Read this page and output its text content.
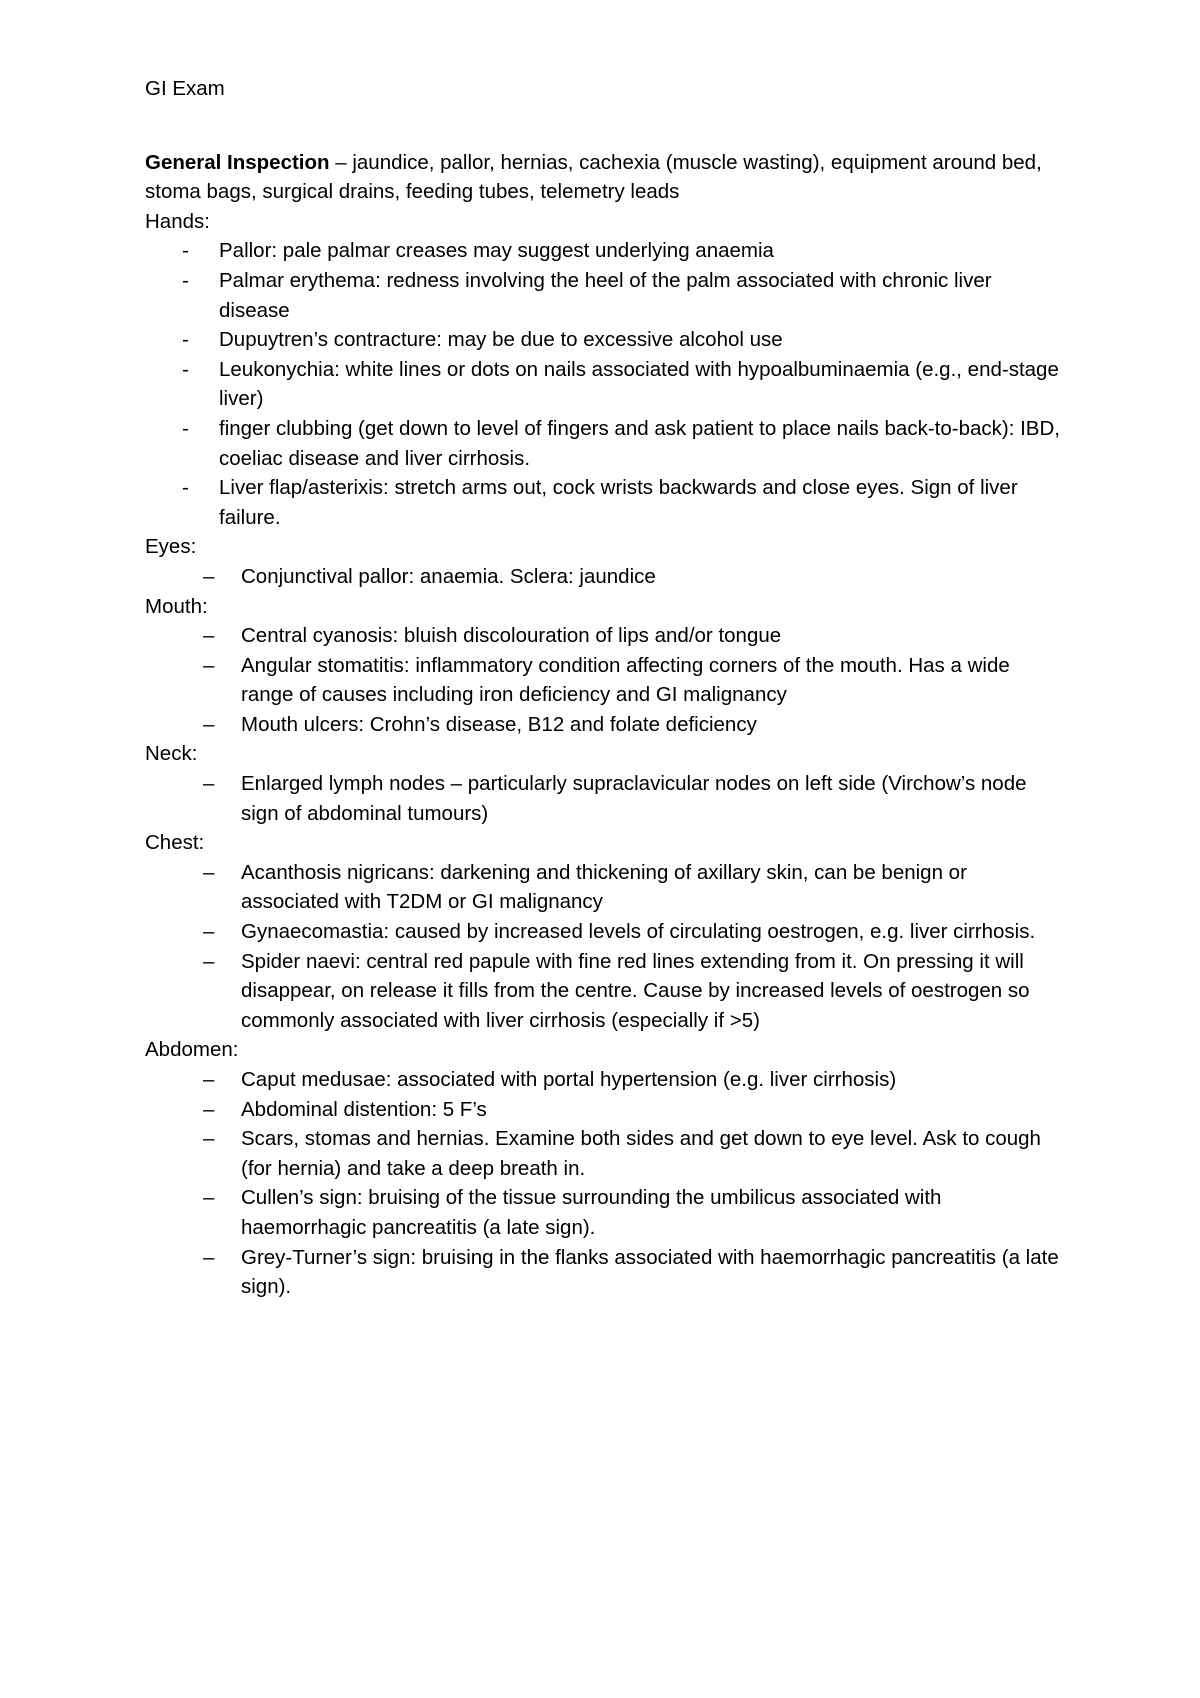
GI Exam

General Inspection – jaundice, pallor, hernias, cachexia (muscle wasting), equipment around bed, stoma bags, surgical drains, feeding tubes, telemetry leads

Hands:

- Pallor: pale palmar creases may suggest underlying anaemia
- Palmar erythema: redness involving the heel of the palm associated with chronic liver disease
- Dupuytren’s contracture: may be due to excessive alcohol use
- Leukonychia: white lines or dots on nails associated with hypoalbuminaemia (e.g., end-stage liver)
- finger clubbing (get down to level of fingers and ask patient to place nails back-to-back): IBD, coeliac disease and liver cirrhosis.
- Liver flap/asterixis: stretch arms out, cock wrists backwards and close eyes. Sign of liver failure.

Eyes:

– Conjunctival pallor: anaemia. Sclera: jaundice

Mouth:

– Central cyanosis: bluish discolouration of lips and/or tongue
– Angular stomatitis: inflammatory condition affecting corners of the mouth. Has a wide range of causes including iron deficiency and GI malignancy
– Mouth ulcers: Crohn’s disease, B12 and folate deficiency

Neck:

– Enlarged lymph nodes – particularly supraclavicular nodes on left side (Virchow’s node sign of abdominal tumours)

Chest:

– Acanthosis nigricans: darkening and thickening of axillary skin, can be benign or associated with T2DM or GI malignancy
– Gynaecomastia: caused by increased levels of circulating oestrogen, e.g. liver cirrhosis.
– Spider naevi: central red papule with fine red lines extending from it. On pressing it will disappear, on release it fills from the centre. Cause by increased levels of oestrogen so commonly associated with liver cirrhosis (especially if >5)

Abdomen:

– Caput medusae: associated with portal hypertension (e.g. liver cirrhosis)
– Abdominal distention: 5 F’s
– Scars, stomas and hernias. Examine both sides and get down to eye level. Ask to cough (for hernia) and take a deep breath in.
– Cullen’s sign: bruising of the tissue surrounding the umbilicus associated with haemorrhagic pancreatitis (a late sign).
– Grey-Turner’s sign: bruising in the flanks associated with haemorrhagic pancreatitis (a late sign).
